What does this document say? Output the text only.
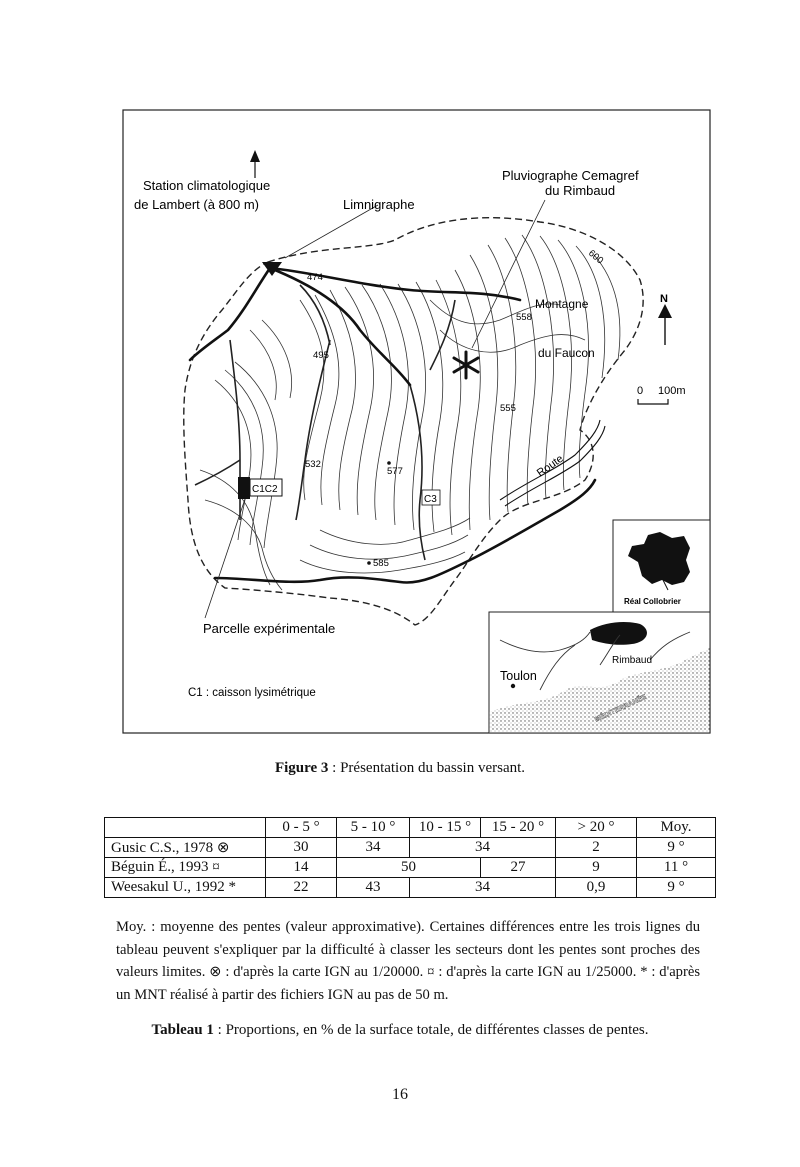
Station climatologique
de Lambert (à 800 m)	Limnigraphe
Pluviographe Cemagref
du Rimbaud
474
495
532
577
555
585
558
600
Montagne
du Faucon
Route
C1C2
C3
Parcelle expérimentale
C1 : caisson lysimétrique
N
0 100m
Réal Collobrier
Toulon
Rimbaud
MÉDITERRANÉE
Figure 3 : Présentation du bassin versant.
	0 - 5 °	5 - 10 °	10 - 15 °	15 - 20 °	> 20 °	Moy.
Gusic C.S., 1978 ⊗	30	34	34		2	9 °
Béguin É., 1993 ¤	14	50		27	9	11 °
Weesakul U., 1992 *	22	43	34		0,9	9 °
Moy. : moyenne des pentes (valeur approximative). Certaines différences entre les trois lignes du tableau peuvent s'expliquer par la difficulté à classer les secteurs dont les pentes sont proches des valeurs limites. ⊗ : d'après la carte IGN au 1/20000. ¤ : d'après la carte IGN au 1/25000. * : d'après un MNT réalisé à partir des fichiers IGN au pas de 50 m.
Tableau 1 : Proportions, en % de la surface totale, de différentes classes de pentes.
16
